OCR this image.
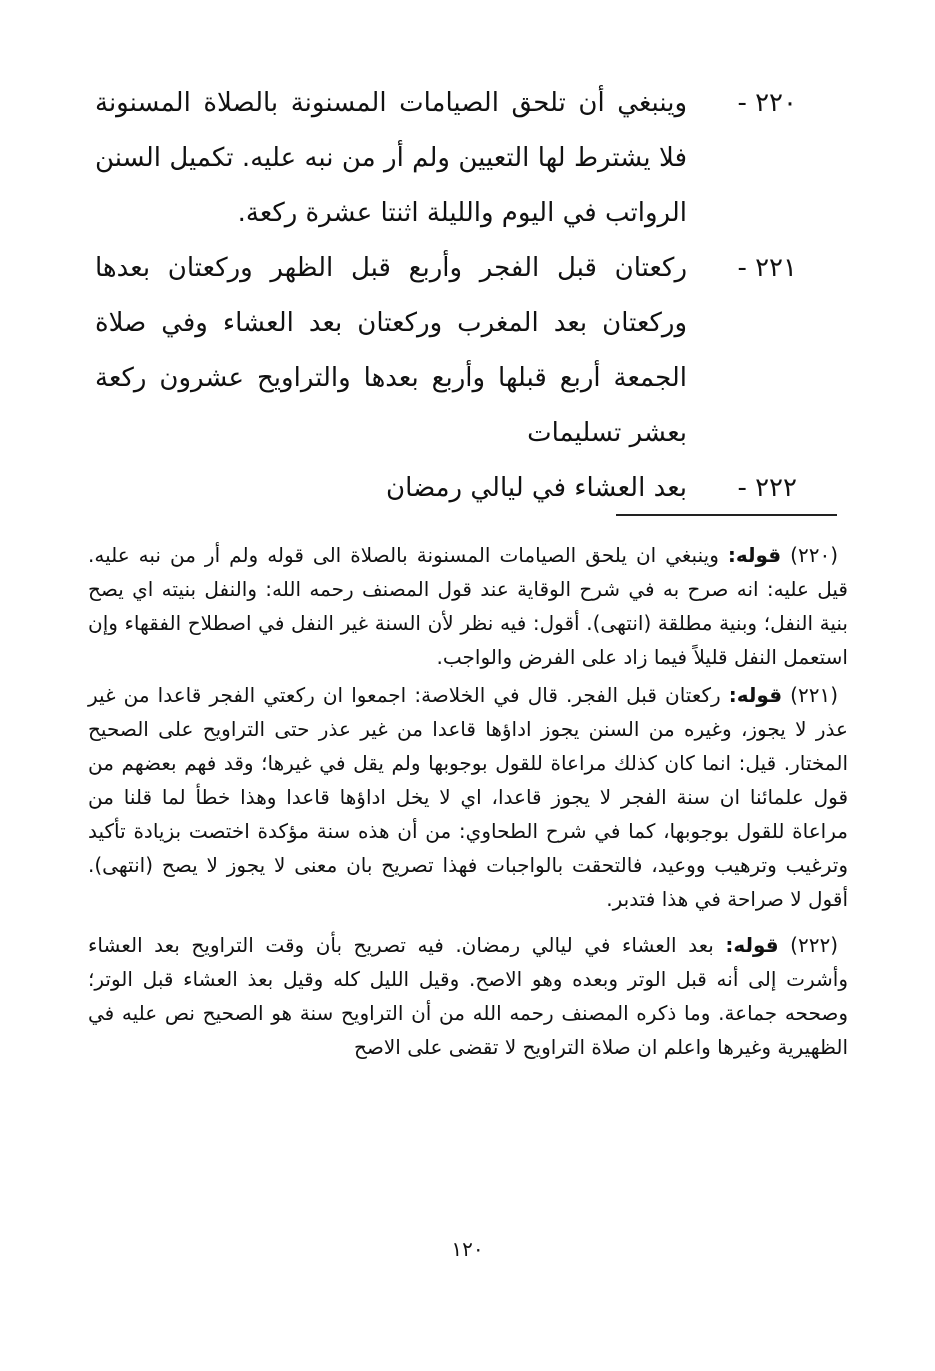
٢٢٠ -
وينبغي أن تلحق الصيامات المسنونة بالصلاة المسنونة فلا يشترط لها التعيين ولم أر من نبه عليه. تكميل السنن الرواتب في اليوم والليلة اثنتا عشرة ركعة.
٢٢١ -
ركعتان قبل الفجر وأربع قبل الظهر وركعتان بعدها وركعتان بعد المغرب وركعتان بعد العشاء وفي صلاة الجمعة أربع قبلها وأربع بعدها والتراويح عشرون ركعة بعشر تسليمات
٢٢٢ -
بعد العشاء في ليالي رمضان

(٢٢٠) قوله: وينبغي ان يلحق الصيامات المسنونة بالصلاة الى قوله ولم أر من نبه عليه. قيل عليه: انه صرح به في شرح الوقاية عند قول المصنف رحمه الله: والنفل بنيته اي يصح بنية النفل؛ وبنية مطلقة (انتهى). أقول: فيه نظر لأن السنة غير النفل في اصطلاح الفقهاء وإن استعمل النفل قليلاً فيما زاد على الفرض والواجب.

(٢٢١) قوله: ركعتان قبل الفجر. قال في الخلاصة: اجمعوا ان ركعتي الفجر قاعدا من غير عذر لا يجوز، وغيره من السنن يجوز اداؤها قاعدا من غير عذر حتى التراويح على الصحيح المختار. قيل: انما كان كذلك مراعاة للقول بوجوبها ولم يقل في غيرها؛ وقد فهم بعضهم من قول علمائنا ان سنة الفجر لا يجوز قاعدا، اي لا يخل اداؤها قاعدا وهذا خطأ لما قلنا من مراعاة للقول بوجوبها، كما في شرح الطحاوي: من أن هذه سنة مؤكدة اختصت بزيادة تأكيد وترغيب وترهيب ووعيد، فالتحقت بالواجبات فهذا تصريح بان معنى لا يجوز لا يصح (انتهى). أقول لا صراحة في هذا فتدبر.

(٢٢٢) قوله: بعد العشاء في ليالي رمضان. فيه تصريح بأن وقت التراويح بعد العشاء وأشرت إلى أنه قبل الوتر وبعده وهو الاصح. وقيل الليل كله وقيل بعذ العشاء قبل الوتر؛ وصححه جماعة. وما ذكره المصنف رحمه الله من أن التراويح سنة هو الصحيح نص عليه في الظهيرية وغيرها واعلم ان صلاة التراويح لا تقضى على الاصح

١٢٠
